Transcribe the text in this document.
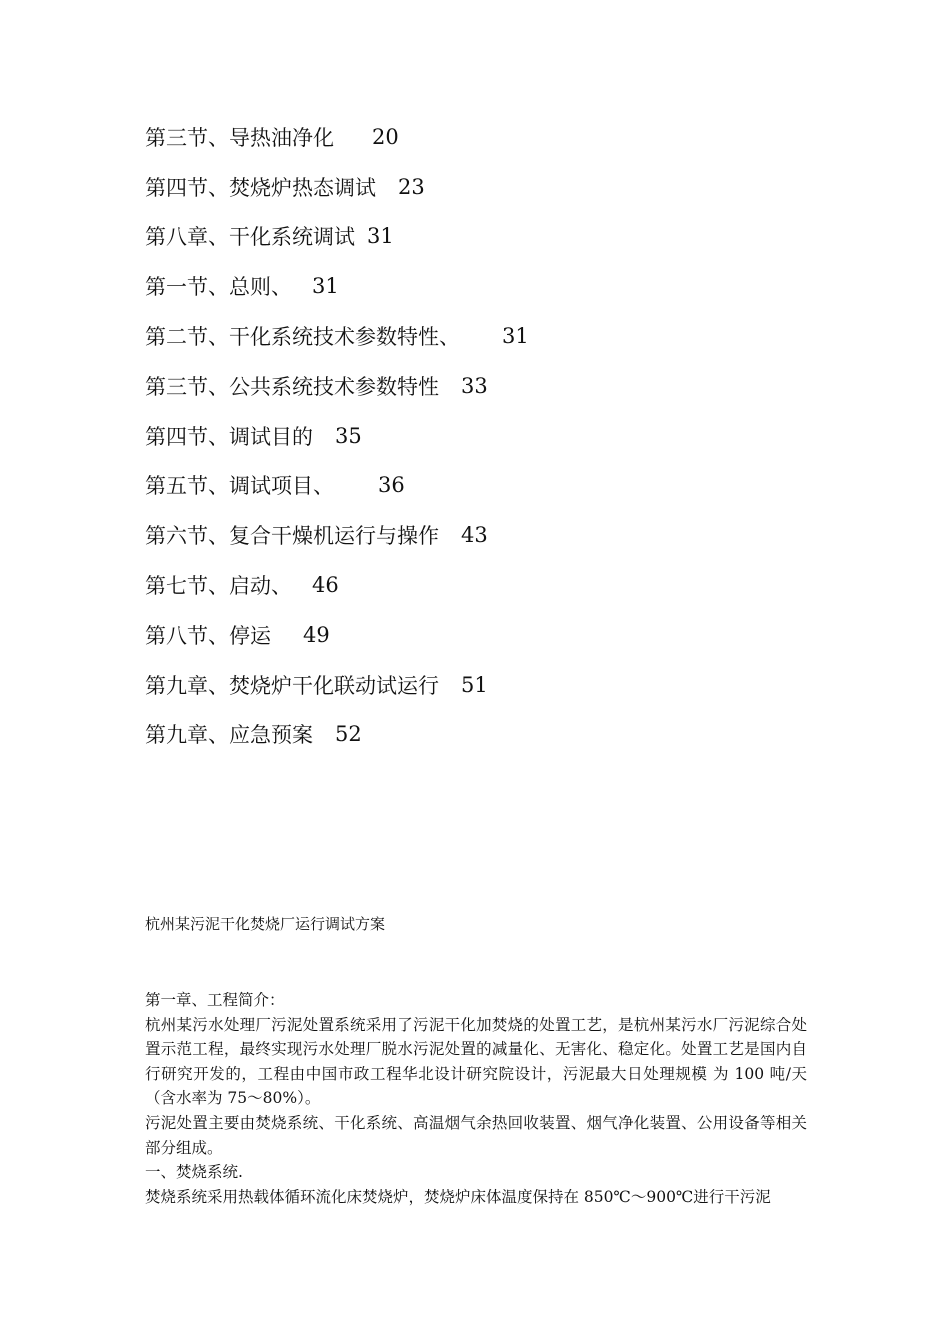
第三节、导热油净化 20
第四节、焚烧炉热态调试 23
第八章、干化系统调试 31
第一节、总则、 31
第二节、干化系统技术参数特性、 31
第三节、公共系统技术参数特性 33
第四节、调试目的 35
第五节、调试项目、 36
第六节、复合干燥机运行与操作 43
第七节、启动、 46
第八节、停运 49
第九章、焚烧炉干化联动试运行 51
第九章、应急预案 52
杭州某污泥干化焚烧厂运行调试方案

第一章、工程简介：

杭州某污水处理厂污泥处置系统采用了污泥干化加焚烧的处置工艺，是杭州某污水厂污泥综合处置示范工程，最终实现污水处理厂脱水污泥处置的减量化、无害化、稳定化。处置工艺是国内自行研究开发的，工程由中国市政工程华北设计研究院设计，污泥最大日处理规模 为 100 吨/天（含水率为 75～80%）。

污泥处置主要由焚烧系统、干化系统、高温烟气余热回收装置、烟气净化装置、公用设备等相关部分组成。

一、焚烧系统.

焚烧系统采用热载体循环流化床焚烧炉，焚烧炉床体温度保持在 850℃～900℃进行干污泥
